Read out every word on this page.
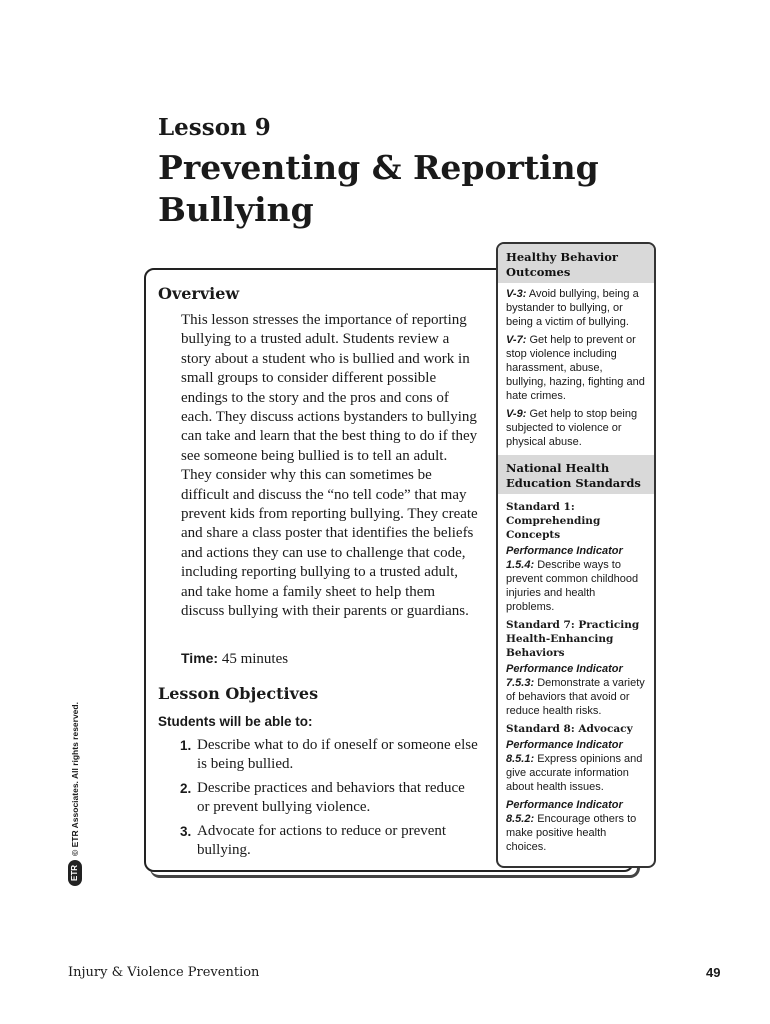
Lesson 9
Preventing & Reporting Bullying
Overview

This lesson stresses the importance of reporting bullying to a trusted adult. Students review a story about a student who is bullied and work in small groups to consider different possible endings to the story and the pros and cons of each. They discuss actions bystanders to bullying can take and learn that the best thing to do if they see someone being bullied is to tell an adult. They consider why this can sometimes be difficult and discuss the “no tell code” that may prevent kids from reporting bullying. They create and share a class poster that identifies the beliefs and actions they can use to challenge that code, including reporting bullying to a trusted adult, and take home a family sheet to help them discuss bullying with their parents or guardians.

Time: 45 minutes
Lesson Objectives
Students will be able to:
1. Describe what to do if oneself or someone else is being bullied.
2. Describe practices and behaviors that reduce or prevent bullying violence.
3. Advocate for actions to reduce or prevent bullying.
Healthy Behavior Outcomes

V-3: Avoid bullying, being a bystander to bullying, or being a victim of bullying.

V-7: Get help to prevent or stop violence including harassment, abuse, bullying, hazing, fighting and hate crimes.

V-9: Get help to stop being subjected to violence or physical abuse.

National Health Education Standards
Standard 1: Comprehending Concepts

Performance Indicator
1.5.4: Describe ways to prevent common childhood injuries and health problems.

Standard 7: Practicing Health-Enhancing Behaviors

Performance Indicator
7.5.3: Demonstrate a variety of behaviors that avoid or reduce health risks.

Standard 8: Advocacy

Performance Indicator
8.5.1: Express opinions and give accurate information about health issues.

Performance Indicator
8.5.2: Encourage others to make positive health choices.

ETR
© ETR Associates. All rights reserved.
Injury & Violence Prevention	49
